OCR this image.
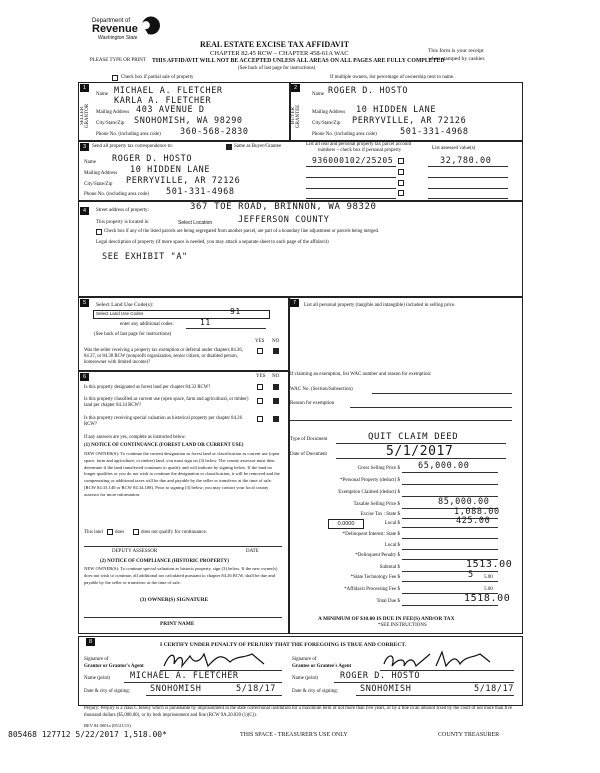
Department of
Revenue
Washington State
REAL ESTATE EXCISE TAX AFFIDAVIT
CHAPTER 82.45 RCW – CHAPTER 458-61A WAC
THIS AFFIDAVIT WILL NOT BE ACCEPTED UNLESS ALL AREAS ON ALL PAGES ARE FULLY COMPLETED
(See back of last page for instructions)
PLEASE TYPE OR PRINT
This form is your receipt
when stamped by cashier.
Check box if partial sale of property	If multiple owners, list percentage of ownership next to name.
1
SELLER GRANTOR
Name MICHAEL A. FLETCHER
KARLA A. FLETCHER
Mailing Address 403 AVENUE D
City/State/Zip SNOHOMISH, WA 98290
Phone No. (including area code) 360-568-2830
2
BUYER GRANTEE
Name ROGER D. HOSTO
Mailing Address 10 HIDDEN LANE
City/State/Zip PERRYVILLE, AR 72126
Phone No. (including area code)	501-331-4968
3	Send all property tax correspondence to:	Same as Buyer/Grantee
Name ROGER D. HOSTO
Mailing Address 10 HIDDEN LANE
City/State/Zip PERRYVILLE, AR 72126
Phone No. (including area code) 501-331-4968
List all real and personal property tax parcel account
numbers – check box if personal property	List assessed value(s)
936000102/25205	32,780.00
4	Street address of property:	367 TOE ROAD, BRINNON, WA 98320
This property is located in	Select Location	JEFFERSON COUNTY
Check box if any of the listed parcels are being segregated from another parcel, are part of a boundary line adjustment or parcels being merged.
Legal description of property (if more space is needed, you may attach a separate sheet to each page of the affidavit)
SEE EXHIBIT "A"
5	Select Land Use Code(s):
Select Land Use Codes	91
enter any additional codes:	11
(See back of last page for instructions)
YES NO
Was the seller receiving a property tax exemption or deferral under chapters 84.36, 84.37, or 84.38 RCW (nonprofit organization, senior citizen, or disabled person, homeowner with limited income)?
6	YES NO
Is this property designated as forest land per chapter 84.33 RCW?
Is this property classified as current use (open space, farm and agricultural, or timber) land per chapter 84.34 RCW?
Is this property receiving special valuation as historical property per chapter 84.26 RCW?
If any answers are yes, complete as instructed below.
(1) NOTICE OF CONTINUANCE (FOREST LAND OR CURRENT USE)
NEW OWNER(S): To continue the current designation as forest land or classification as current use (open space, farm and agriculture, or timber) land, you must sign on (3) below. The county assessor must then determine if the land transferred continues to qualify and will indicate by signing below. If the land no longer qualifies or you do not wish to continue the designation or classification, it will be removed and the compensating or additional taxes will be due and payable by the seller or transferor at the time of sale. (RCW 84.33.140 or RCW 84.34.108). Prior to signing (3) below, you may contact your local county assessor for more information.
This land does	does not qualify for continuance.
DEPUTY ASSESSOR	DATE
(2) NOTICE OF COMPLIANCE (HISTORIC PROPERTY)
NEW OWNER(S): To continue special valuation as historic property, sign (3) below. If the new owner(s) does not wish to continue, all additional tax calculated pursuant to chapter 84.26 RCW, shall be due and payable by the seller or transferor at the time of sale.
(3) OWNER(S) SIGNATURE
PRINT NAME
7	List all personal property (tangible and intangible) included in selling price.
If claiming an exemption, list WAC number and reason for exemption:
WAC No. (Section/Subsection)
Reason for exemption
Type of Document	QUIT CLAIM DEED
Date of Document	5/1/2017
Gross Selling Price $ 65,000.00
*Personal Property (deduct) $
Exemption Claimed (deduct) $
Taxable Selling Price $	85,000.00
Excise Tax : State $	1,088.00
0.0000	Local $	425.00
*Delinquent Interest: State $
Local $
*Delinquent Penalty $
Subtotal $	1513.00
*State Technology Fee $	5 5.00
*Affidavit Processing Fee $	5.00
Total Due $	1518.00
A MINIMUM OF $10.00 IS DUE IN FEE(S) AND/OR TAX
*SEE INSTRUCTIONS
8	I CERTIFY UNDER PENALTY OF PERJURY THAT THE FOREGOING IS TRUE AND CORRECT.
Signature of
Grantor or Grantor's Agent
Name (print) MICHAEL A. FLETCHER
Date & city of signing: SNOHOMISH	5/18/17
Signature of
Grantee or Grantee's Agent
Name (print)	ROGER D. HOSTO
Date & city of signing:	SNOHOMISH	5/18/17
Perjury: Perjury is a class C felony which is punishable by imprisonment in the state correctional institution for a maximum term of not more than five years, or by a fine in an amount fixed by the court of not more than five thousand dollars ($5,000.00), or by both imprisonment and fine (RCW 9A.20.020 (1)(C)).
REV 84 0001a (05/21/15)
805468 127712 5/22/2017 1,518.00*	THIS SPACE - TREASURER'S USE ONLY	COUNTY TREASURER
